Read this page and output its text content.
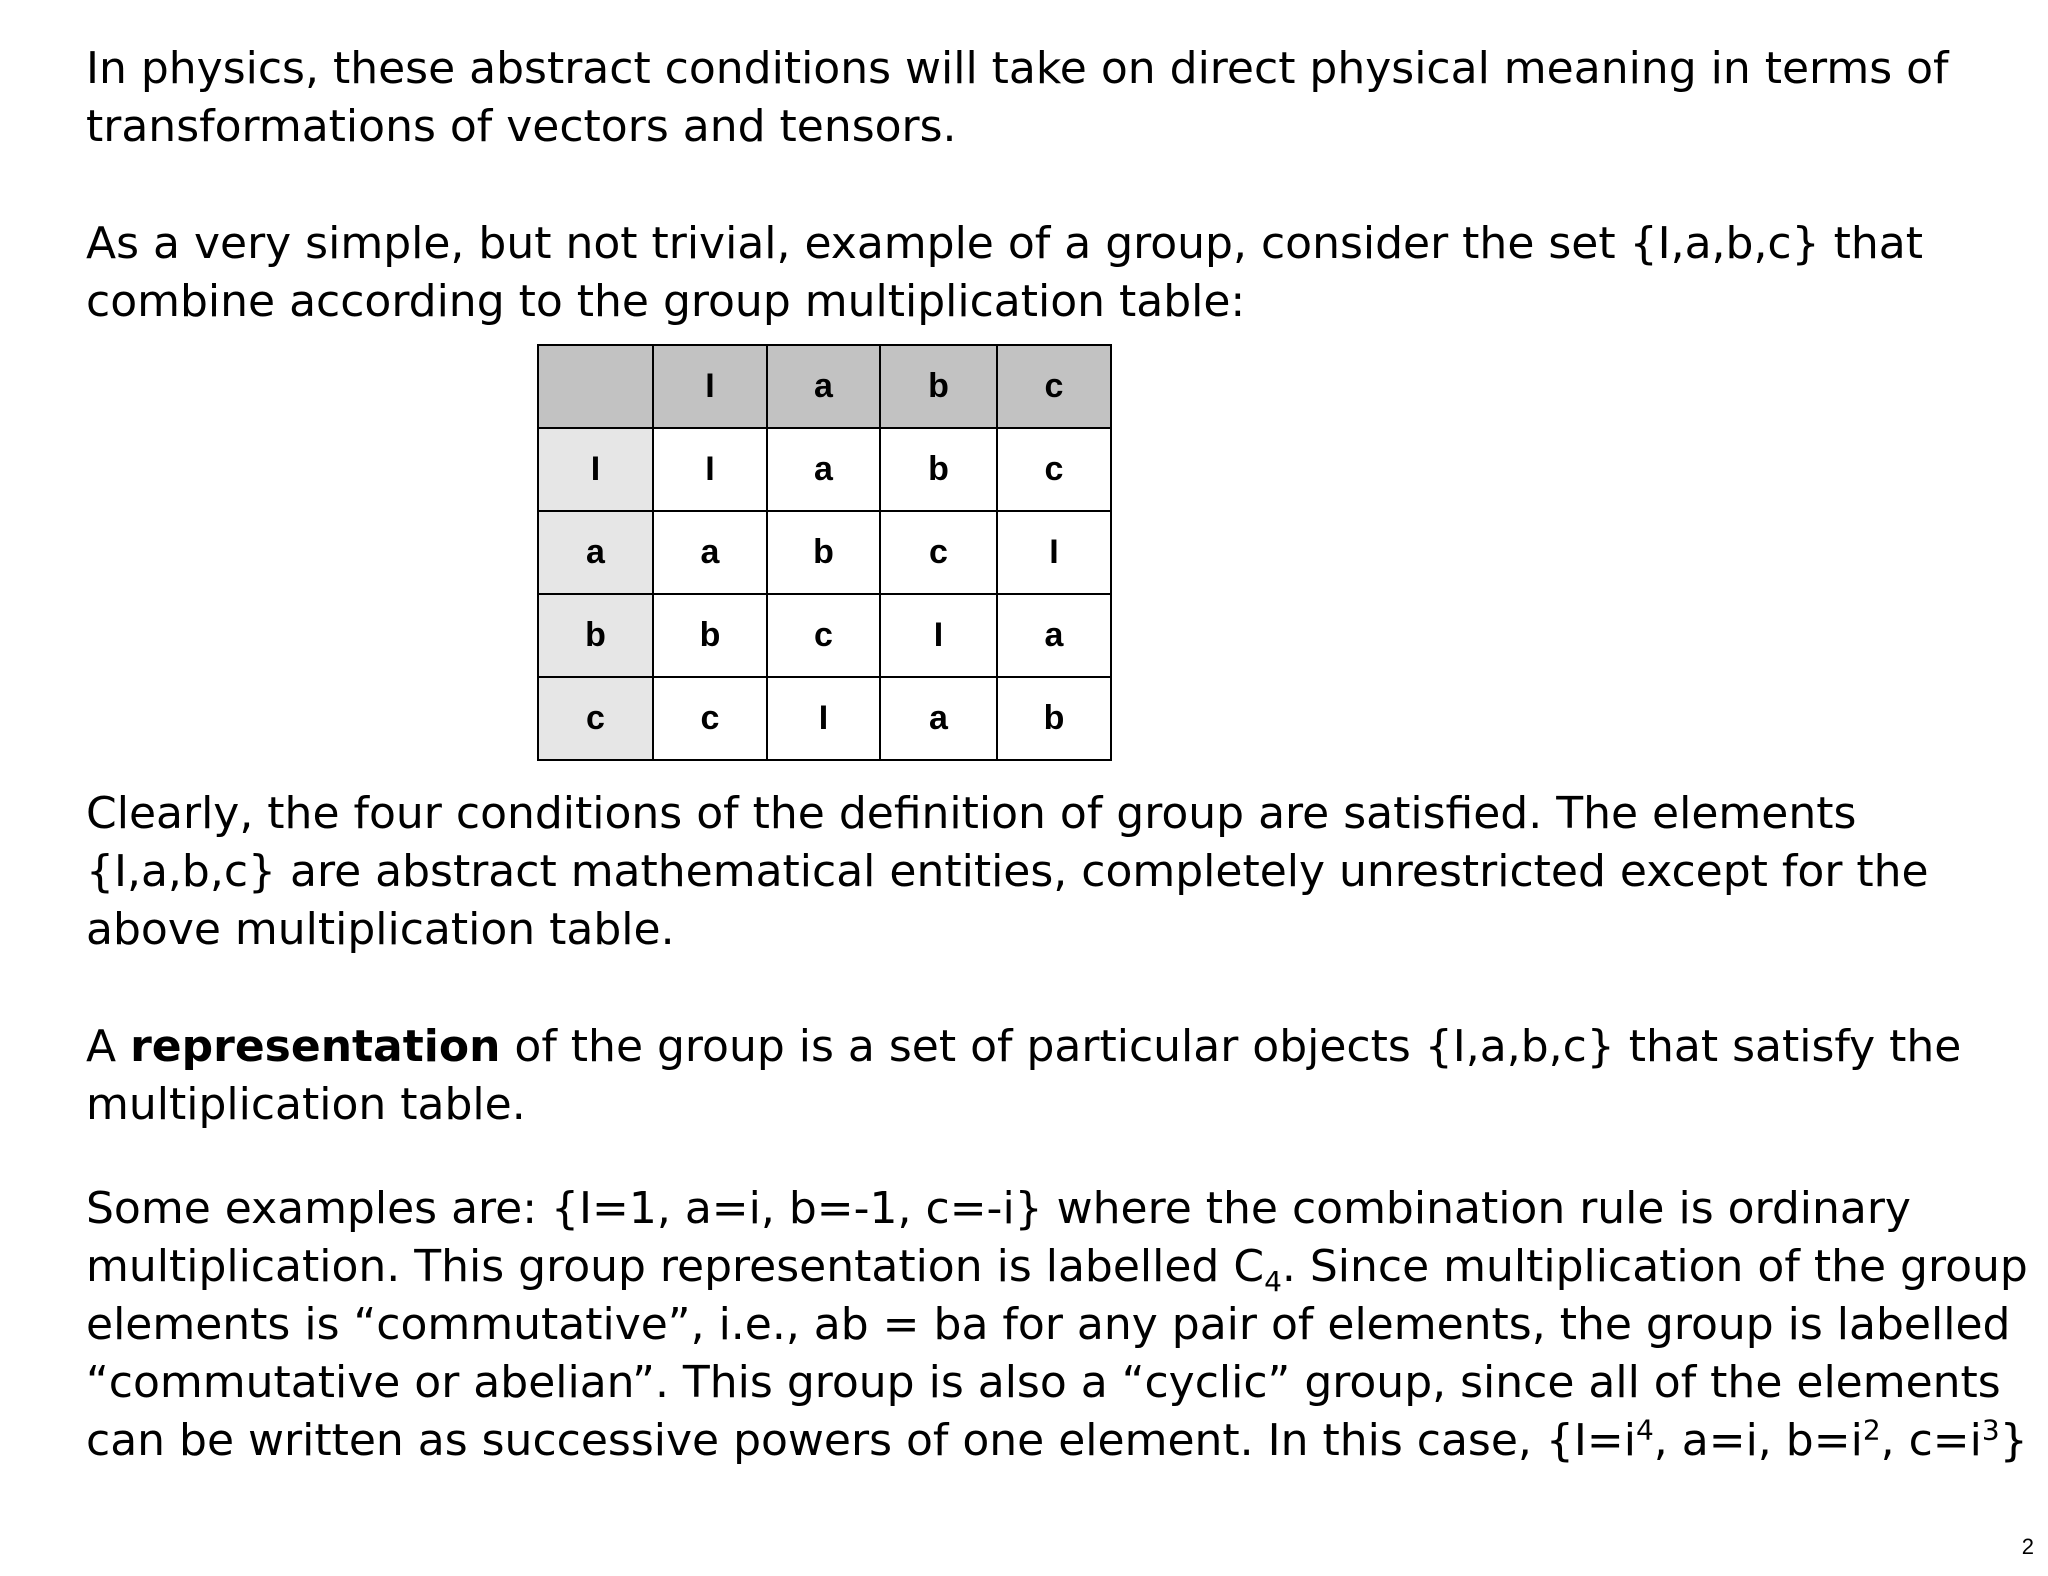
In physics, these abstract conditions will take on direct physical meaning in terms of
transformations of vectors and tensors.

As a very simple, but not trivial, example of a group, consider the set {I,a,b,c} that
combine according to the group multiplication table:

	I	a	b	c
I	I	a	b	c
a	a	b	c	I
b	b	c	I	a
c	c	I	a	b

Clearly, the four conditions of the definition of group are satisfied. The elements
{I,a,b,c} are abstract mathematical entities, completely unrestricted except for the
above multiplication table.

A representation of the group is a set of particular objects {I,a,b,c} that satisfy the
multiplication table.

Some examples are: {I=1, a=i, b=-1, c=-i} where the combination rule is ordinary
multiplication. This group representation is labelled $C_4$. Since multiplication of the group
elements is “commutative”, i.e., ab = ba for any pair of elements, the group is labelled
“commutative or abelian”. This group is also a “cyclic” group, since all of the elements
can be written as successive powers of one element. In this case, {$I=i^4$, a=i, $b=i^2$, $c=i^3$}

2
